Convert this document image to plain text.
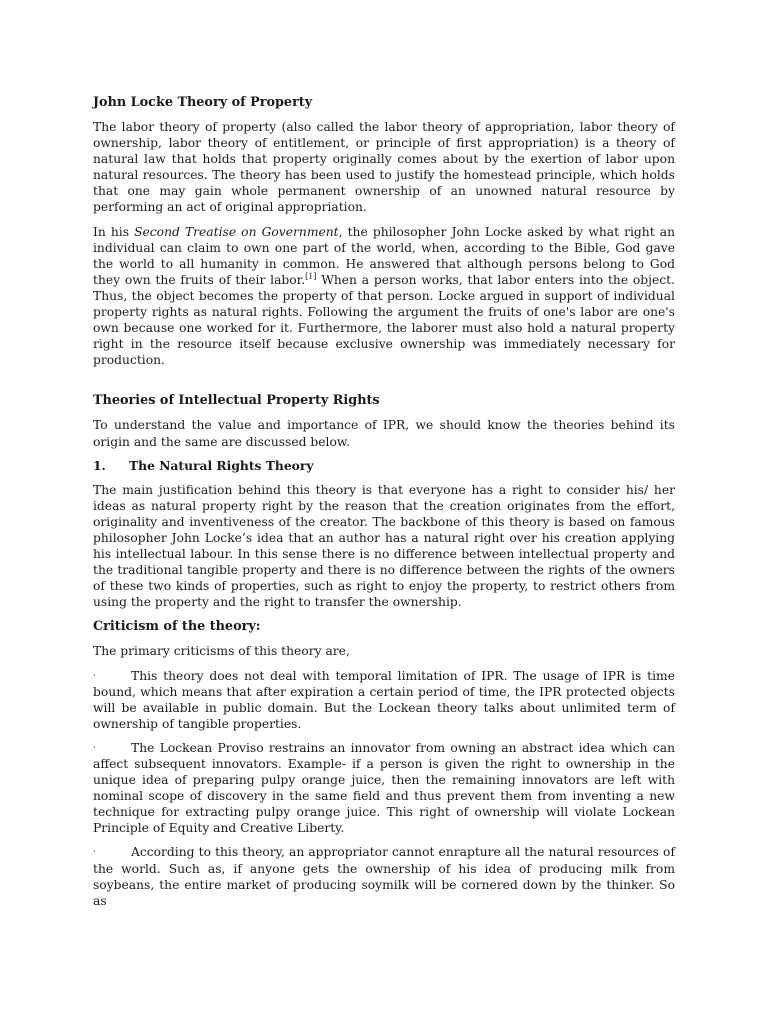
John Locke Theory of Property

The labor theory of property (also called the labor theory of appropriation, labor theory of ownership, labor theory of entitlement, or principle of first appropriation) is a theory of natural law that holds that property originally comes about by the exertion of labor upon natural resources. The theory has been used to justify the homestead principle, which holds that one may gain whole permanent ownership of an unowned natural resource by performing an act of original appropriation.

In his Second Treatise on Government, the philosopher John Locke asked by what right an individual can claim to own one part of the world, when, according to the Bible, God gave the world to all humanity in common. He answered that although persons belong to God they own the fruits of their labor.[1] When a person works, that labor enters into the object. Thus, the object becomes the property of that person. Locke argued in support of individual property rights as natural rights. Following the argument the fruits of one's labor are one's own because one worked for it. Furthermore, the laborer must also hold a natural property right in the resource itself because exclusive ownership was immediately necessary for production.

Theories of Intellectual Property Rights

To understand the value and importance of IPR, we should know the theories behind its origin and the same are discussed below.

1.	The Natural Rights Theory

The main justification behind this theory is that everyone has a right to consider his/ her ideas as natural property right by the reason that the creation originates from the effort, originality and inventiveness of the creator. The backbone of this theory is based on famous philosopher John Locke’s idea that an author has a natural right over his creation applying his intellectual labour. In this sense there is no difference between intellectual property and the traditional tangible property and there is no difference between the rights of the owners of these two kinds of properties, such as right to enjoy the property, to restrict others from using the property and the right to transfer the ownership.

Criticism of the theory:

The primary criticisms of this theory are,

·	This theory does not deal with temporal limitation of IPR. The usage of IPR is time bound, which means that after expiration a certain period of time, the IPR protected objects will be available in public domain. But the Lockean theory talks about unlimited term of ownership of tangible properties.

·	The Lockean Proviso restrains an innovator from owning an abstract idea which can affect subsequent innovators. Example- if a person is given the right to ownership in the unique idea of preparing pulpy orange juice, then the remaining innovators are left with nominal scope of discovery in the same field and thus prevent them from inventing a new technique for extracting pulpy orange juice. This right of ownership will violate Lockean Principle of Equity and Creative Liberty.

·	According to this theory, an appropriator cannot enrapture all the natural resources of the world. Such as, if anyone gets the ownership of his idea of producing milk from soybeans, the entire market of producing soymilk will be cornered down by the thinker. So as
